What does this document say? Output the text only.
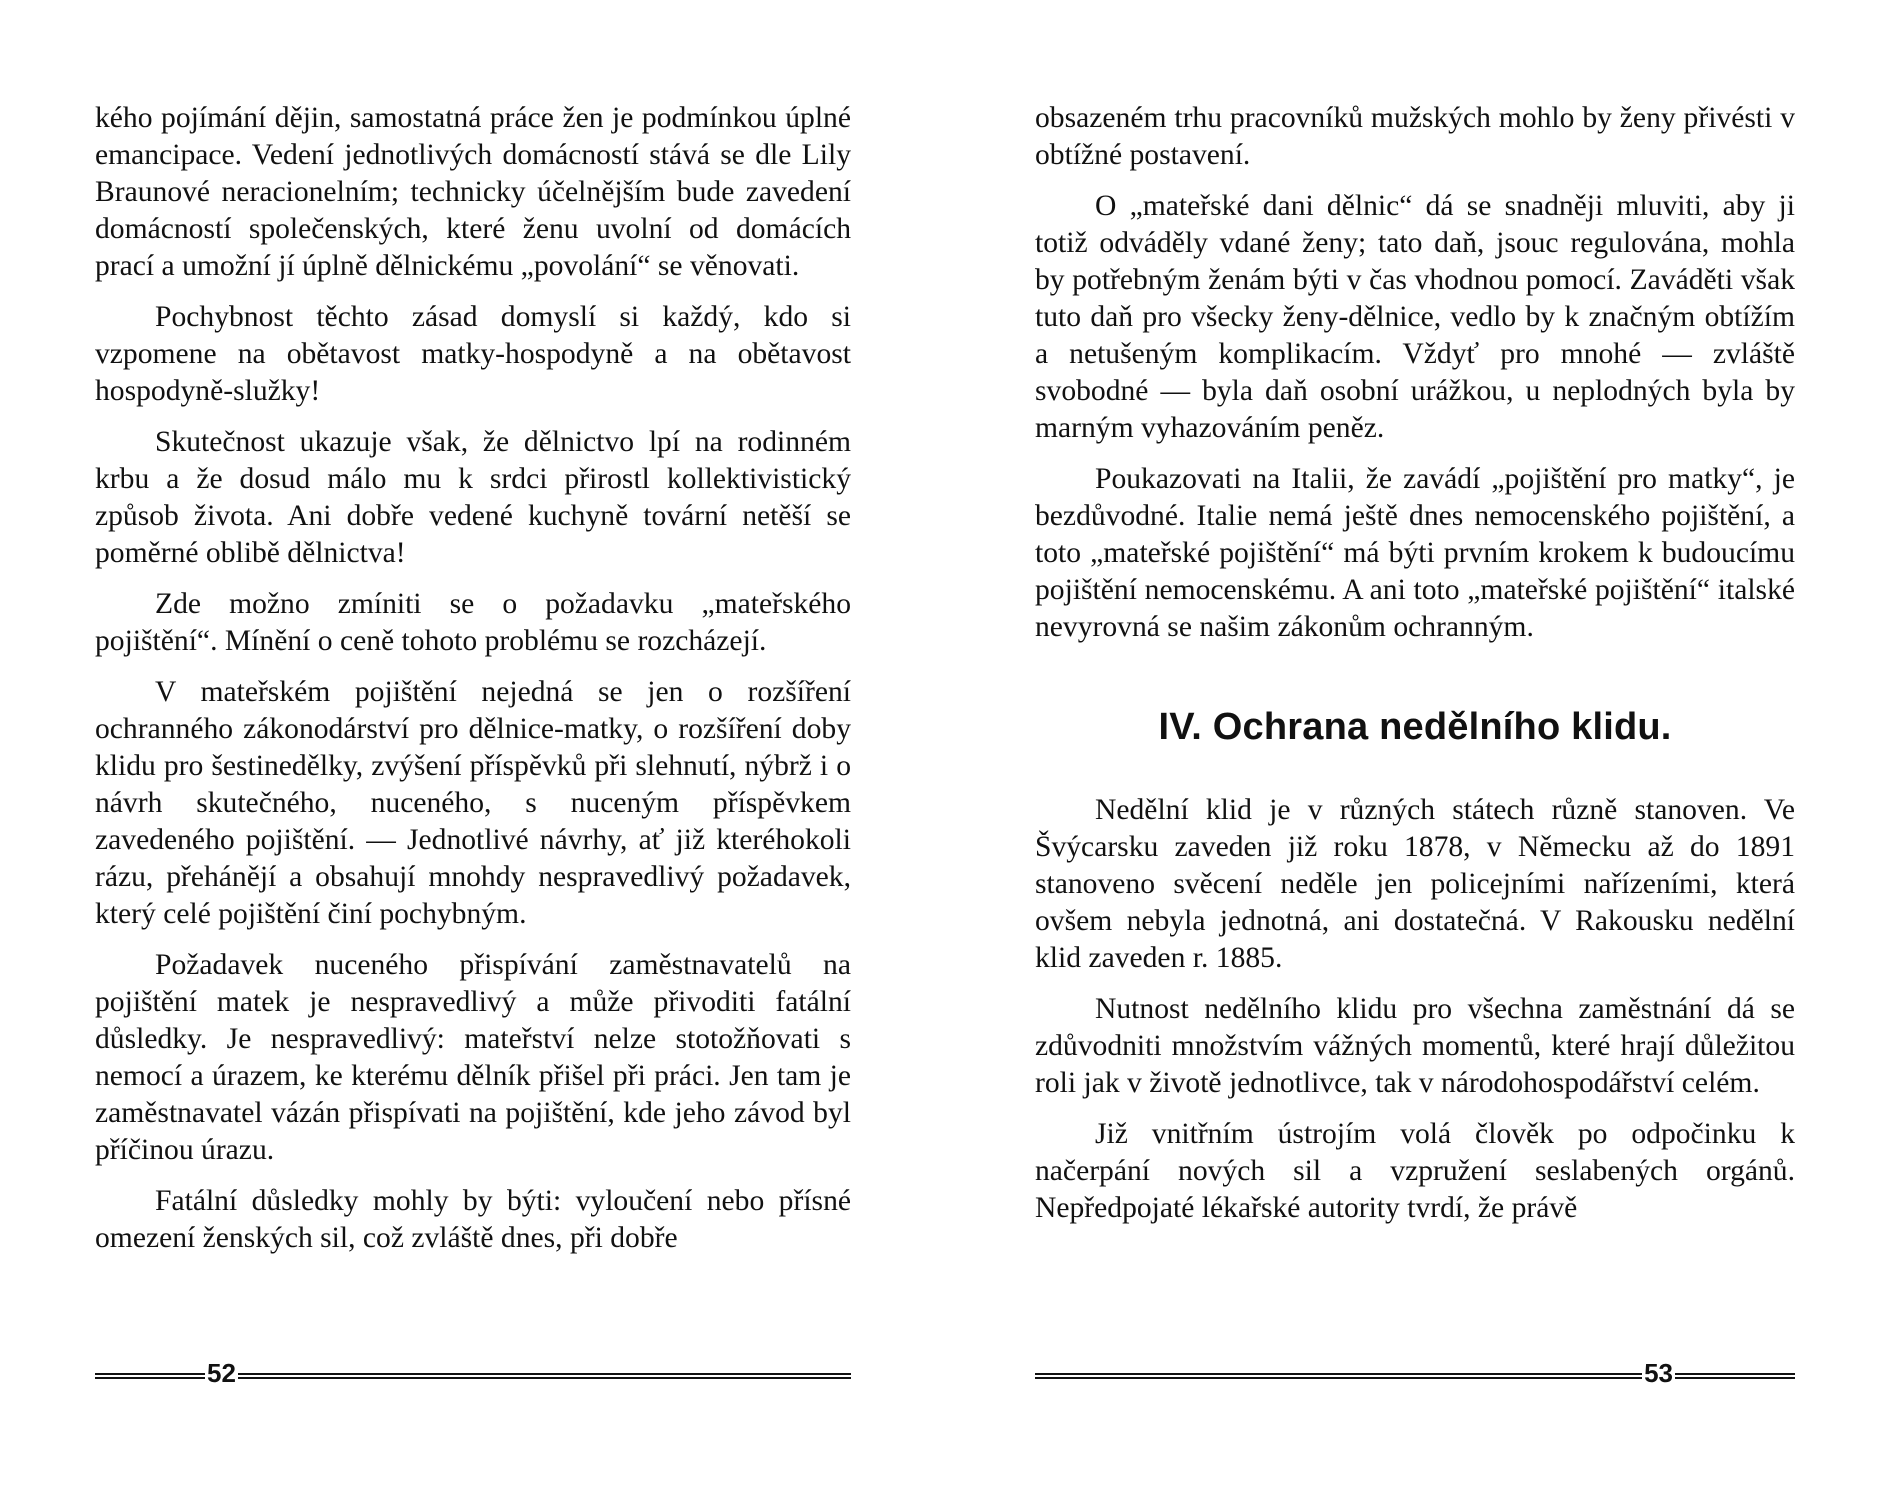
kého pojímání dějin, samostatná práce žen je podmínkou úplné emancipace. Vedení jednotlivých domácností stává se dle Lily Braunové neracionelním; technicky účelnějším bude zavedení domácností společenských, které ženu uvolní od domácích prací a umožní jí úplně dělnickému „povolání“ se věnovati.

Pochybnost těchto zásad domyslí si každý, kdo si vzpomene na obětavost matky-hospodyně a na obětavost hospodyně-služky!

Skutečnost ukazuje však, že dělnictvo lpí na rodinném krbu a že dosud málo mu k srdci přirostl kollektivistický způsob života. Ani dobře vedené kuchyně tovární netěší se poměrné oblibě dělnictva!

Zde možno zmíniti se o požadavku „mateřského pojištění“. Mínění o ceně tohoto problému se rozcházejí.

V mateřském pojištění nejedná se jen o rozšíření ochranného zákonodárství pro dělnice-matky, o rozšíření doby klidu pro šestinedělky, zvýšení příspěvků při slehnutí, nýbrž i o návrh skutečného, nuceného, s nuceným příspěvkem zavedeného pojištění. — Jednotlivé návrhy, ať již kteréhokoli rázu, přehánějí a obsahují mnohdy nespravedlivý požadavek, který celé pojištění činí pochybným.

Požadavek nuceného přispívání zaměstnavatelů na pojištění matek je nespravedlivý a může přivoditi fatální důsledky. Je nespravedlivý: mateřství nelze stotožňovati s nemocí a úrazem, ke kterému dělník přišel při práci. Jen tam je zaměstnavatel vázán přispívati na pojištění, kde jeho závod byl příčinou úrazu.

Fatální důsledky mohly by býti: vyloučení nebo přísné omezení ženských sil, což zvláště dnes, při dobře

52

obsazeném trhu pracovníků mužských mohlo by ženy přivésti v obtížné postavení.

O „mateřské dani dělnic“ dá se snadněji mluviti, aby ji totiž odváděly vdané ženy; tato daň, jsouc regulována, mohla by potřebným ženám býti v čas vhodnou pomocí. Zaváděti však tuto daň pro všecky ženy-dělnice, vedlo by k značným obtížím a netušeným komplikacím. Vždyť pro mnohé — zvláště svobodné — byla daň osobní urážkou, u neplodných byla by marným vyhazováním peněz.

Poukazovati na Italii, že zavádí „pojištění pro matky“, je bezdůvodné. Italie nemá ještě dnes nemocenského pojištění, a toto „mateřské pojištění“ má býti prvním krokem k budoucímu pojištění nemocenskému. A ani toto „mateřské pojištění“ italské nevyrovná se našim zákonům ochranným.

IV. Ochrana nedělního klidu.

Nedělní klid je v různých státech různě stanoven. Ve Švýcarsku zaveden již roku 1878, v Německu až do 1891 stanoveno svěcení neděle jen policejními nařízeními, která ovšem nebyla jednotná, ani dostatečná. V Rakousku nedělní klid zaveden r. 1885.

Nutnost nedělního klidu pro všechna zaměstnání dá se zdůvodniti množstvím vážných momentů, které hrají důležitou roli jak v životě jednotlivce, tak v národohospodářství celém.

Již vnitřním ústrojím volá člověk po odpočinku k načerpání nových sil a vzpružení seslabených orgánů. Nepředpojaté lékařské autority tvrdí, že právě

53
